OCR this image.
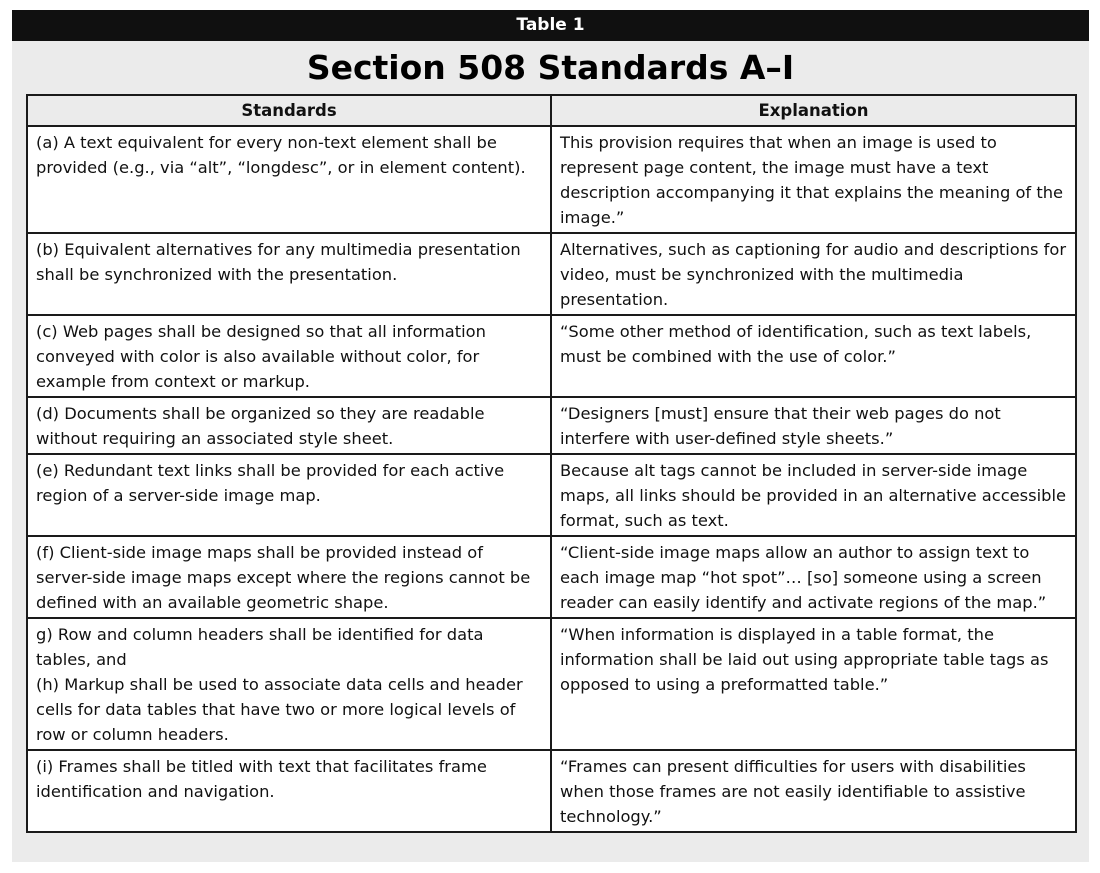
Table 1
Section 508 Standards A–I
Standards	Explanation

(a) A text equivalent for every non-text element shall be provided (e.g., via “alt”, “longdesc”, or in element content).	This provision requires that when an image is used to represent page content, the image must have a text description accompanying it that explains the meaning of the image.”

(b) Equivalent alternatives for any multimedia presentation shall be synchronized with the presentation.	Alternatives, such as captioning for audio and descriptions for video, must be synchronized with the multimedia presentation.

(c) Web pages shall be designed so that all information conveyed with color is also available without color, for example from context or markup.	“Some other method of identification, such as text labels, must be combined with the use of color.”

(d) Documents shall be organized so they are readable without requiring an associated style sheet.	“Designers [must] ensure that their web pages do not interfere with user-defined style sheets.”

(e) Redundant text links shall be provided for each active region of a server-side image map.	Because alt tags cannot be included in server-side image maps, all links should be provided in an alternative accessible format, such as text.

(f) Client-side image maps shall be provided instead of server-side image maps except where the regions cannot be defined with an available geometric shape.	“Client-side image maps allow an author to assign text to each image map “hot spot”… [so] someone using a screen reader can easily identify and activate regions of the map.”

g) Row and column headers shall be identified for data tables, and
(h) Markup shall be used to associate data cells and header cells for data tables that have two or more logical levels of row or column headers.	“When information is displayed in a table format, the information shall be laid out using appropriate table tags as opposed to using a preformatted table.”

(i) Frames shall be titled with text that facilitates frame identification and navigation.	“Frames can present difficulties for users with disabilities when those frames are not easily identifiable to assistive technology.”
